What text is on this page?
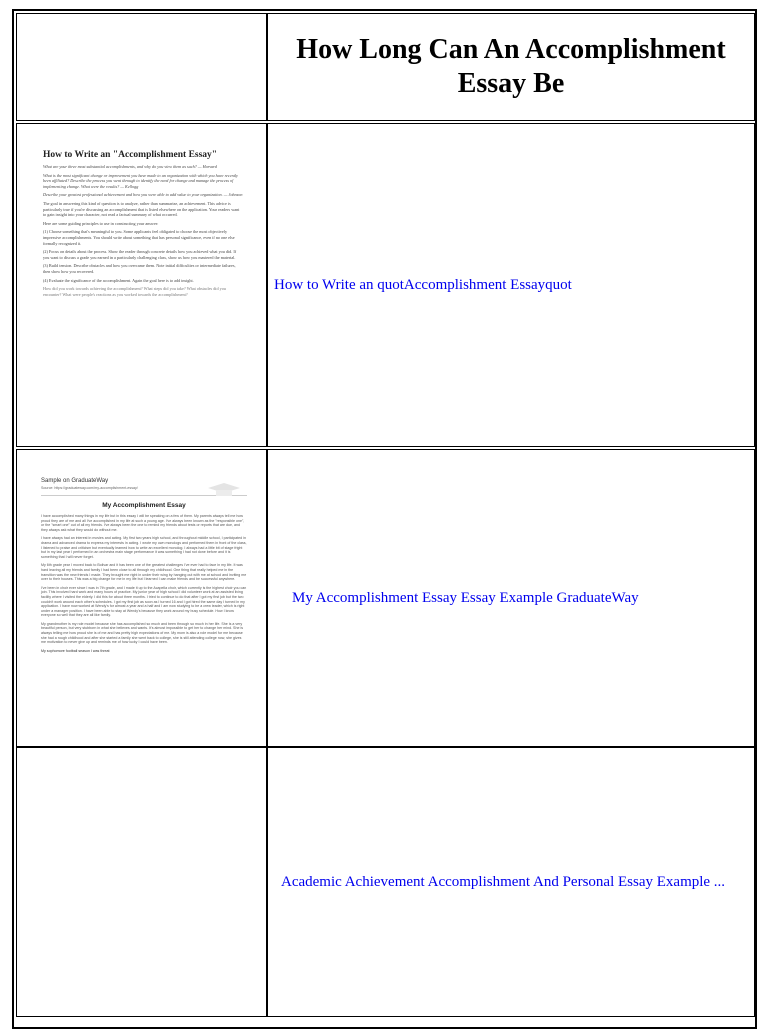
How Long Can An Accomplishment Essay Be
How to Write an "Accomplishment Essay"
What are your three most substantial accomplishments, and why do you view them as such? — Harvard
What is the most significant change or improvement you have made to an organization with which you have recently been affiliated? Describe the process you went through to identify the need for change and manage the process of implementing change. What were the results? — Kellogg
Describe your greatest professional achievement and how you were able to add value to your organization. — Johnson
The goal in answering this kind of question is to analyze, rather than summarize, an achievement. This advice is particularly true if you're discussing an accomplishment that is listed elsewhere on the application. Your readers want to gain insight into your character, not read a factual summary of what occurred.
Here are some guiding principles to use in constructing your answer:
(1) Choose something that's meaningful to you. Some applicants feel obligated to choose the most objectively impressive accomplishments. You should write about something that has personal significance, even if no one else formally recognized it.
(2) Focus on details about the process. Show the reader through concrete details how you achieved what you did. If you want to discuss a grade you earned in a particularly challenging class, show us how you mastered the material.
(3) Build tension. Describe obstacles and how you overcame them. Note initial difficulties or intermediate failures, then show how you recovered.
(4) Evaluate the significance of the accomplishment. Again the goal here is to add insight.
How did you work towards achieving the accomplishment? What steps did you take? What obstacles did you encounter? What were people's reactions as you worked towards the accomplishment?
How to Write an quotAccomplishment Essayquot
Sample on GraduateWay
Source: https://graduateway.com/my-accomplishment-essay/
My Accomplishment Essay
I have accomplished many things in my life but in this essay I will be speaking on a few of them. My parents always tell me how proud they are of me and all I've accomplished in my life at such a young age. I've always been known as the "responsible one", or the "smart one" out of all my friends. I've always been the one to remind my friends about tests or reports that are due, and they always ask what they would do without me.
I have always had an interest in movies and acting. My first two years high school, and throughout middle school, I participated in drama and advanced drama to express my interests in acting. I wrote my own monologs and performed them in front of the class, I listened to praise and criticism but eventually learned how to write an excellent monolog. I always had a little bit of stage fright but in my last year I performed in an orchestra main stage performance it was something I had not done before and it is something that I will never forget.
My 6th grade year I moved back to Bolivar and it has been one of the greatest challenges I've ever had to face in my life. It was hard leaving all my friends and family I had been close to all through my childhood. One thing that really helped me in the transition was the new friends I made. They brought me right in under their wing by hanging out with me at school and inviting me over to their houses. This was a big change for me in my life but I learned I can make friends and be successful anywhere.
I've been in choir ever since I was in 7th grade, and I made it up to the Acapella choir, which currently is the highest choir you can join. This involved hard work and many hours of practice. My junior year of high school I did volunteer work at an assisted living facility where I visited the elderly. I did this for about three months. I tried to continue to do that after I got my first job but the two couldn't work around each other's schedules. I got my first job as soon as I turned 16 and I got hired the same day I turned in my application. I have now worked at Wendy's for almost a year and a half and I am now studying to be a crew leader, which is right under a manager position. I have been able to stay at Wendy's because they work around my busy schedule. How I know everyone so well that they are all like family.
My grandmother is my role model because she has accomplished so much and been through so much in her life. She is a very beautiful person, but very stubborn in what she believes and wants. It's almost impossible to get her to change her mind. She is always telling me how proud she is of me and has pretty high expectations of me. My mom is also a role model for me because she had a rough childhood and after she started a family she went back to college, she is still attending college now, she gives me motivation to never give up and reminds me of how lucky I could have been.
My sophomore football season I was threat
My Accomplishment Essay Essay Example GraduateWay
Academic Achievement Accomplishment And Personal Essay Example ...
